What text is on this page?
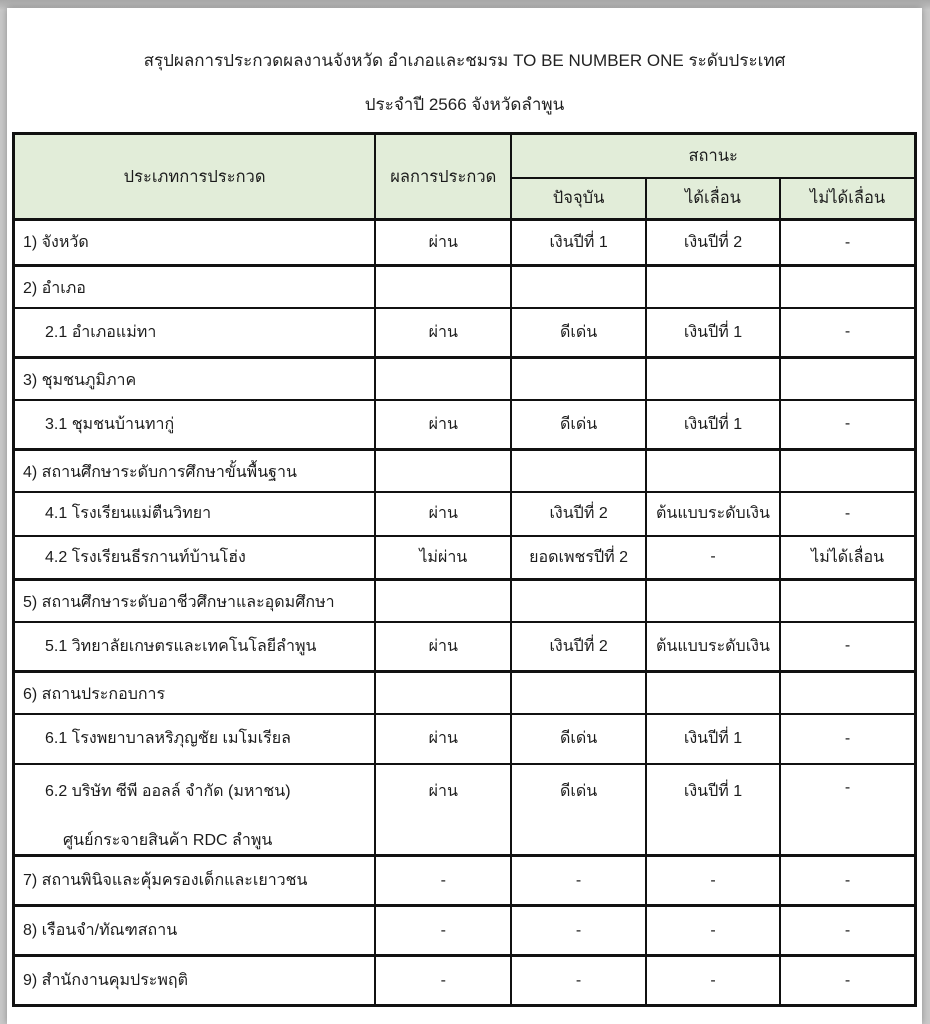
สรุปผลการประกวดผลงานจังหวัด อำเภอและชมรม TO BE NUMBER ONE ระดับประเทศ
ประจำปี 2566 จังหวัดลำพูน
ประเภทการประกวด	ผลการประกวด	สถานะ		
		ปัจจุบัน	ได้เลื่อน	ไม่ได้เลื่อน
1) จังหวัด	ผ่าน	เงินปีที่ 1	เงินปีที่ 2	-
2) อำเภอ				
2.1 อำเภอแม่ทา	ผ่าน	ดีเด่น	เงินปีที่ 1	-
3) ชุมชนภูมิภาค				
3.1 ชุมชนบ้านทากู่	ผ่าน	ดีเด่น	เงินปีที่ 1	-
4) สถานศึกษาระดับการศึกษาขั้นพื้นฐาน				
4.1 โรงเรียนแม่ตืนวิทยา	ผ่าน	เงินปีที่ 2	ต้นแบบระดับเงิน	-
4.2 โรงเรียนธีรกานท์บ้านโฮ่ง	ไม่ผ่าน	ยอดเพชรปีที่ 2	-	ไม่ได้เลื่อน
5) สถานศึกษาระดับอาชีวศึกษาและอุดมศึกษา				
5.1 วิทยาลัยเกษตรและเทคโนโลยีลำพูน	ผ่าน	เงินปีที่ 2	ต้นแบบระดับเงิน	-
6) สถานประกอบการ				
6.1 โรงพยาบาลหริภุญชัย เมโมเรียล	ผ่าน	ดีเด่น	เงินปีที่ 1	-

6.2 บริษัท ซีพี ออลล์ จำกัด (มหาชน)
ศูนย์กระจายสินค้า RDC ลำพูน	ผ่าน	ดีเด่น	เงินปีที่ 1	-
7) สถานพินิจและคุ้มครองเด็กและเยาวชน	-	-	-	-
8) เรือนจำ/ทัณฑสถาน	-	-	-	-
9) สำนักงานคุมประพฤติ	-	-	-	-
